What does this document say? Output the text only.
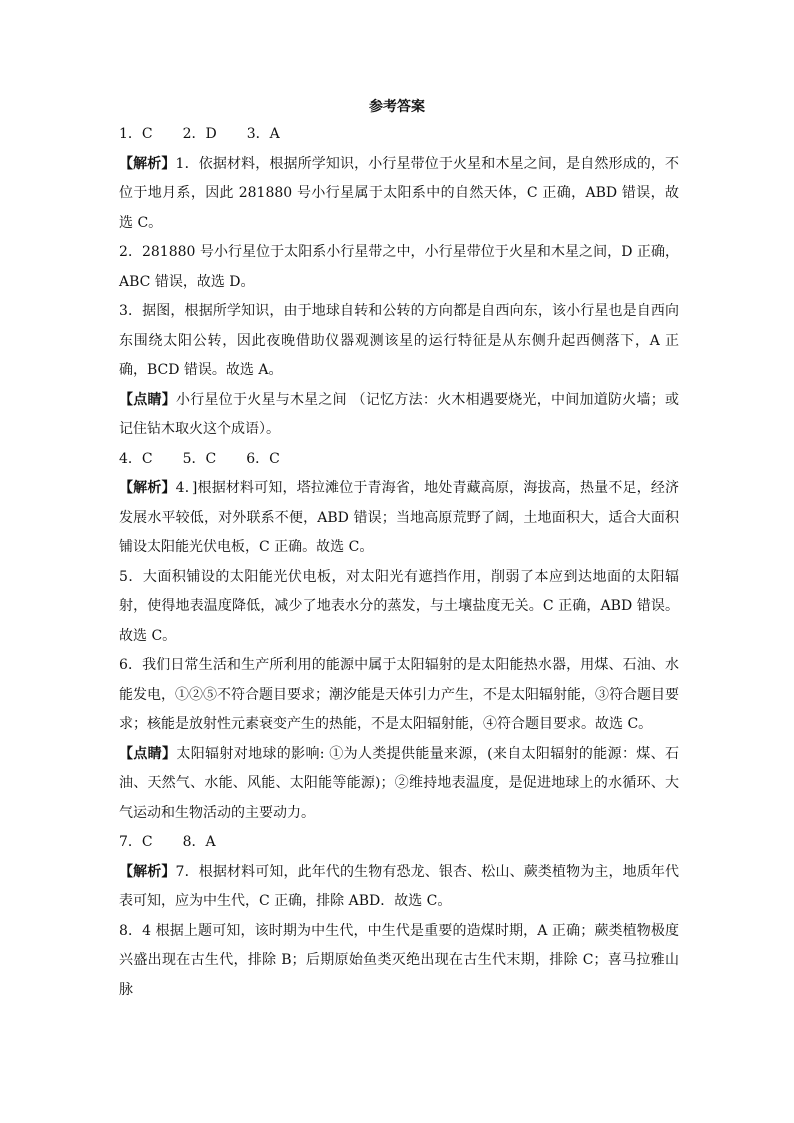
参考答案

1．C 2．D 3．A

【解析】1．依据材料，根据所学知识，小行星带位于火星和木星之间，是自然形成的，不位于地月系，因此 281880 号小行星属于太阳系中的自然天体，C 正确，ABD 错误，故选 C。

2．281880 号小行星位于太阳系小行星带之中，小行星带位于火星和木星之间，D 正确，ABC 错误，故选 D。

3．据图，根据所学知识，由于地球自转和公转的方向都是自西向东，该小行星也是自西向东围绕太阳公转，因此夜晚借助仪器观测该星的运行特征是从东侧升起西侧落下，A 正确，BCD 错误。故选 A。

【点睛】小行星位于火星与木星之间 （记忆方法：火木相遇要烧光，中间加道防火墙；或记住钻木取火这个成语）。

4．C 5．C 6．C

【解析】4．]根据材料可知，塔拉滩位于青海省，地处青藏高原，海拔高，热量不足，经济发展水平较低，对外联系不便，ABD 错误；当地高原荒野了阔，土地面积大，适合大面积铺设太阳能光伏电板，C 正确。故选 C。

5．大面积铺设的太阳能光伏电板，对太阳光有遮挡作用，削弱了本应到达地面的太阳辐射，使得地表温度降低，减少了地表水分的蒸发，与土壤盐度无关。C 正确，ABD 错误。故选 C。

6．我们日常生活和生产所利用的能源中属于太阳辐射的是太阳能热水器，用煤、石油、水能发电，①②⑤不符合题目要求；潮汐能是天体引力产生，不是太阳辐射能，③符合题目要求；核能是放射性元素衰变产生的热能，不是太阳辐射能，④符合题目要求。故选 C。

【点睛】太阳辐射对地球的影响: ①为人类提供能量来源，(来自太阳辐射的能源：煤、石油、天然气、水能、风能、太阳能等能源)；②维持地表温度，是促进地球上的水循环、大气运动和生物活动的主要动力。

7．C 8．A

【解析】7．根据材料可知，此年代的生物有恐龙、银杏、松山、蕨类植物为主，地质年代表可知，应为中生代，C 正确，排除 ABD．故选 C。

8．4 根据上题可知，该时期为中生代，中生代是重要的造煤时期，A 正确；蕨类植物极度兴盛出现在古生代，排除 B；后期原始鱼类灭绝出现在古生代末期，排除 C；喜马拉雅山脉
